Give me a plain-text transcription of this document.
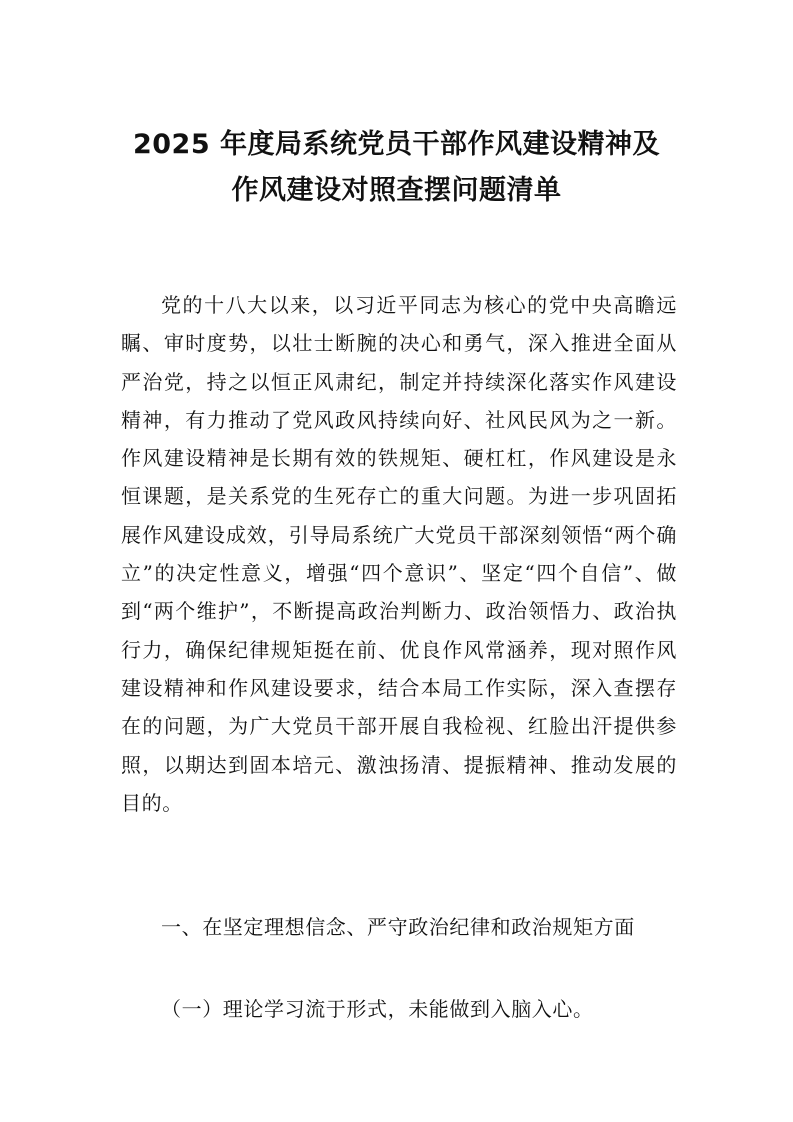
2025 年度局系统党员干部作风建设精神及
作风建设对照查摆问题清单

党的十八大以来，以习近平同志为核心的党中央高瞻远瞩、审时度势，以壮士断腕的决心和勇气，深入推进全面从严治党，持之以恒正风肃纪，制定并持续深化落实作风建设精神，有力推动了党风政风持续向好、社风民风为之一新。作风建设精神是长期有效的铁规矩、硬杠杠，作风建设是永恒课题，是关系党的生死存亡的重大问题。为进一步巩固拓展作风建设成效，引导局系统广大党员干部深刻领悟“两个确立”的决定性意义，增强“四个意识”、坚定“四个自信”、做到“两个维护”，不断提高政治判断力、政治领悟力、政治执行力，确保纪律规矩挺在前、优良作风常涵养，现对照作风建设精神和作风建设要求，结合本局工作实际，深入查摆存在的问题，为广大党员干部开展自我检视、红脸出汗提供参照，以期达到固本培元、激浊扬清、提振精神、推动发展的目的。

一、在坚定理想信念、严守政治纪律和政治规矩方面

（一）理论学习流于形式，未能做到入脑入心。
